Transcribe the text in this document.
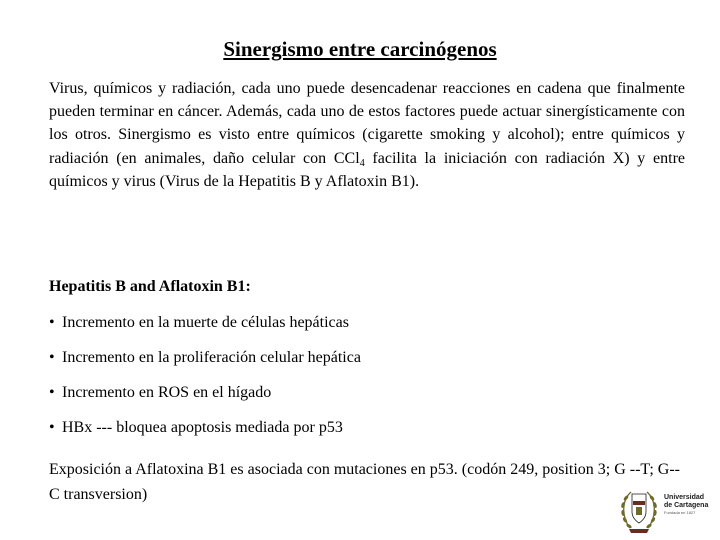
Sinergismo entre carcinógenos

Virus, químicos y radiación, cada uno puede desencadenar reacciones en cadena que finalmente pueden terminar en cáncer. Además, cada uno de estos factores puede actuar sinergísticamente con los otros. Sinergismo es visto entre químicos (cigarette smoking y alcohol); entre químicos y radiación (en animales, daño celular con CCl$_4$ facilita la iniciación con radiación X) y entre químicos y virus (Virus de la Hepatitis B y Aflatoxin B1).

Hepatitis B and Aflatoxin B1:

• Incremento en la muerte de células hepáticas
• Incremento en la proliferación celular hepática
• Incremento en ROS en el hígado
• HBx --- bloquea apoptosis mediada por p53

Exposición a Aflatoxina B1 es asociada con mutaciones en p53. (codón 249, position 3; G --T; G--C transversion)	Universidad
de Cartagena
Fundada en 1827
